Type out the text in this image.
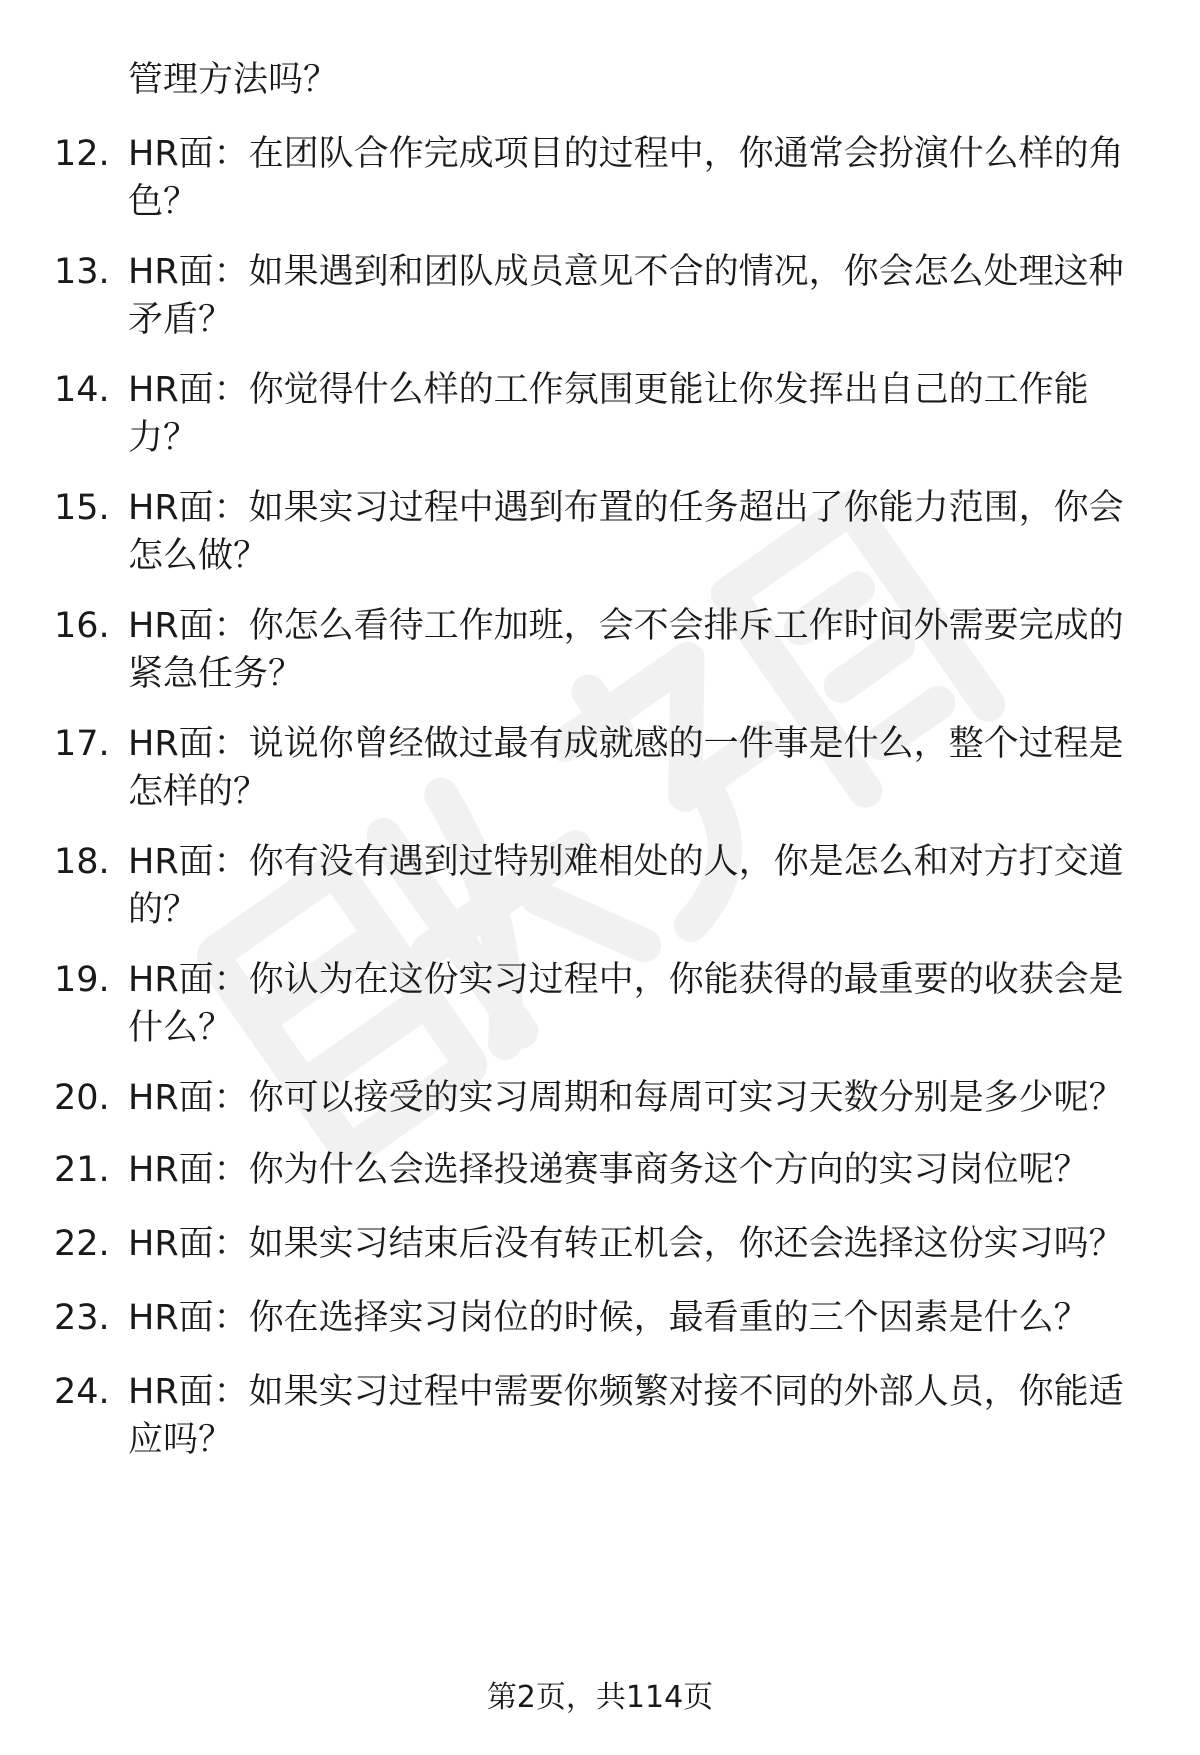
管理方法吗？
12. HR面：在团队合作完成项目的过程中，你通常会扮演什么样的角
色？
13. HR面：如果遇到和团队成员意见不合的情况，你会怎么处理这种
矛盾？
14. HR面：你觉得什么样的工作氛围更能让你发挥出自己的工作能
力？
15. HR面：如果实习过程中遇到布置的任务超出了你能力范围，你会
怎么做？
16. HR面：你怎么看待工作加班，会不会排斥工作时间外需要完成的
紧急任务？
17. HR面：说说你曾经做过最有成就感的一件事是什么，整个过程是
怎样的？
18. HR面：你有没有遇到过特别难相处的人，你是怎么和对方打交道
的？
19. HR面：你认为在这份实习过程中，你能获得的最重要的收获会是
什么？
20. HR面：你可以接受的实习周期和每周可实习天数分别是多少呢？
21. HR面：你为什么会选择投递赛事商务这个方向的实习岗位呢？
22. HR面：如果实习结束后没有转正机会，你还会选择这份实习吗？
23. HR面：你在选择实习岗位的时候，最看重的三个因素是什么？
24. HR面：如果实习过程中需要你频繁对接不同的外部人员，你能适
应吗？
第2页，共114页
